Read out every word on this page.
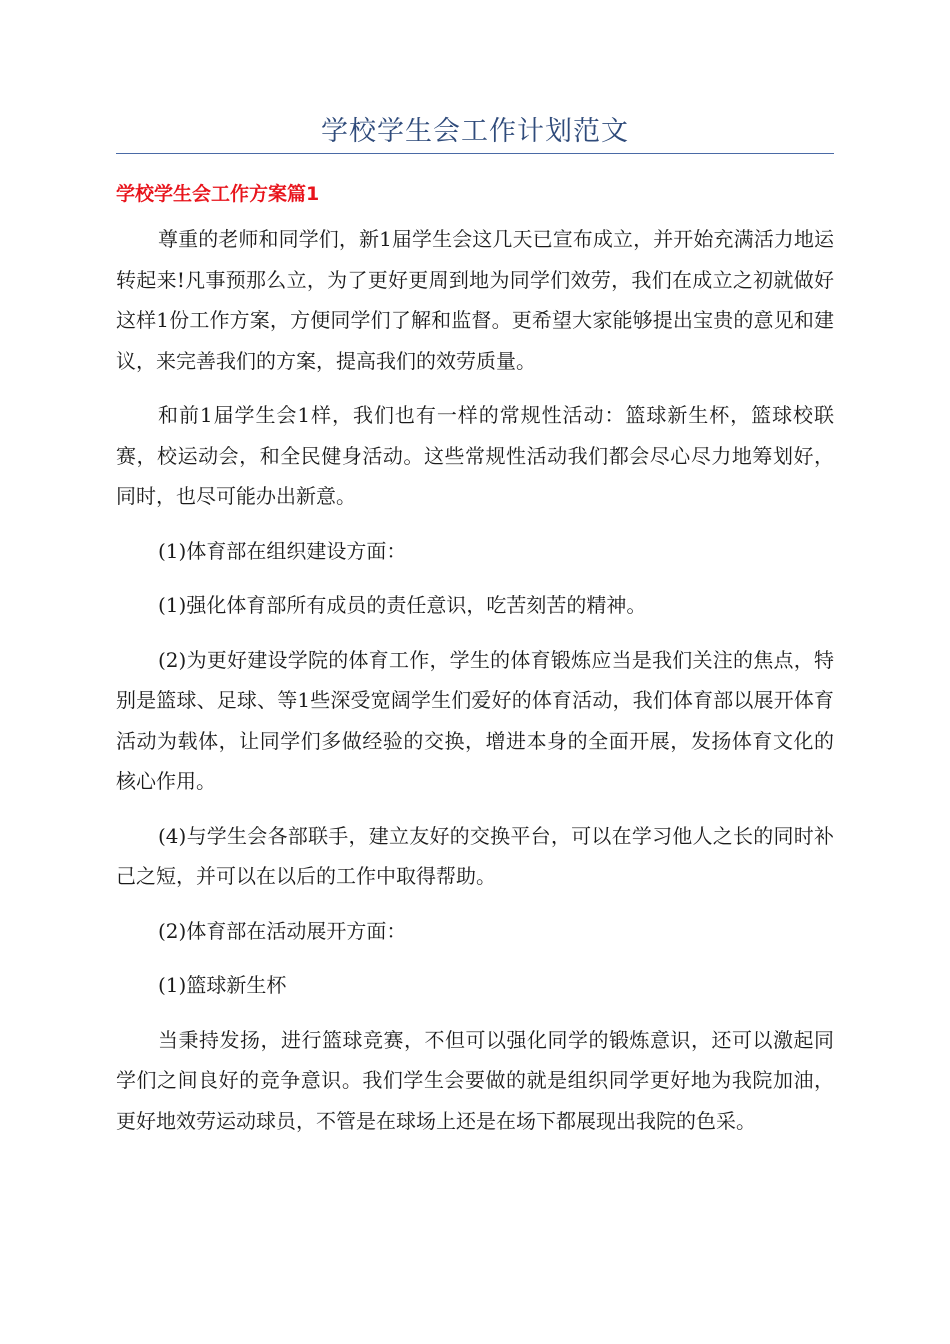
学校学生会工作计划范文
学校学生会工作方案篇1

尊重的老师和同学们，新1届学生会这几天已宣布成立，并开始充满活力地运转起来!凡事预那么立，为了更好更周到地为同学们效劳，我们在成立之初就做好这样1份工作方案，方便同学们了解和监督。更希望大家能够提出宝贵的意见和建议，来完善我们的方案，提高我们的效劳质量。

和前1届学生会1样，我们也有一样的常规性活动：篮球新生杯，篮球校联赛，校运动会，和全民健身活动。这些常规性活动我们都会尽心尽力地筹划好，同时，也尽可能办出新意。

(1)体育部在组织建设方面：

(1)强化体育部所有成员的责任意识，吃苦刻苦的精神。

(2)为更好建设学院的体育工作，学生的体育锻炼应当是我们关注的焦点，特别是篮球、足球、等1些深受宽阔学生们爱好的体育活动，我们体育部以展开体育活动为载体，让同学们多做经验的交换，增进本身的全面开展，发扬体育文化的核心作用。

(4)与学生会各部联手，建立友好的交换平台，可以在学习他人之长的同时补己之短，并可以在以后的工作中取得帮助。

(2)体育部在活动展开方面：

(1)篮球新生杯

当秉持发扬，进行篮球竞赛，不但可以强化同学的锻炼意识，还可以激起同学们之间良好的竞争意识。我们学生会要做的就是组织同学更好地为我院加油，更好地效劳运动球员，不管是在球场上还是在场下都展现出我院的色采。
